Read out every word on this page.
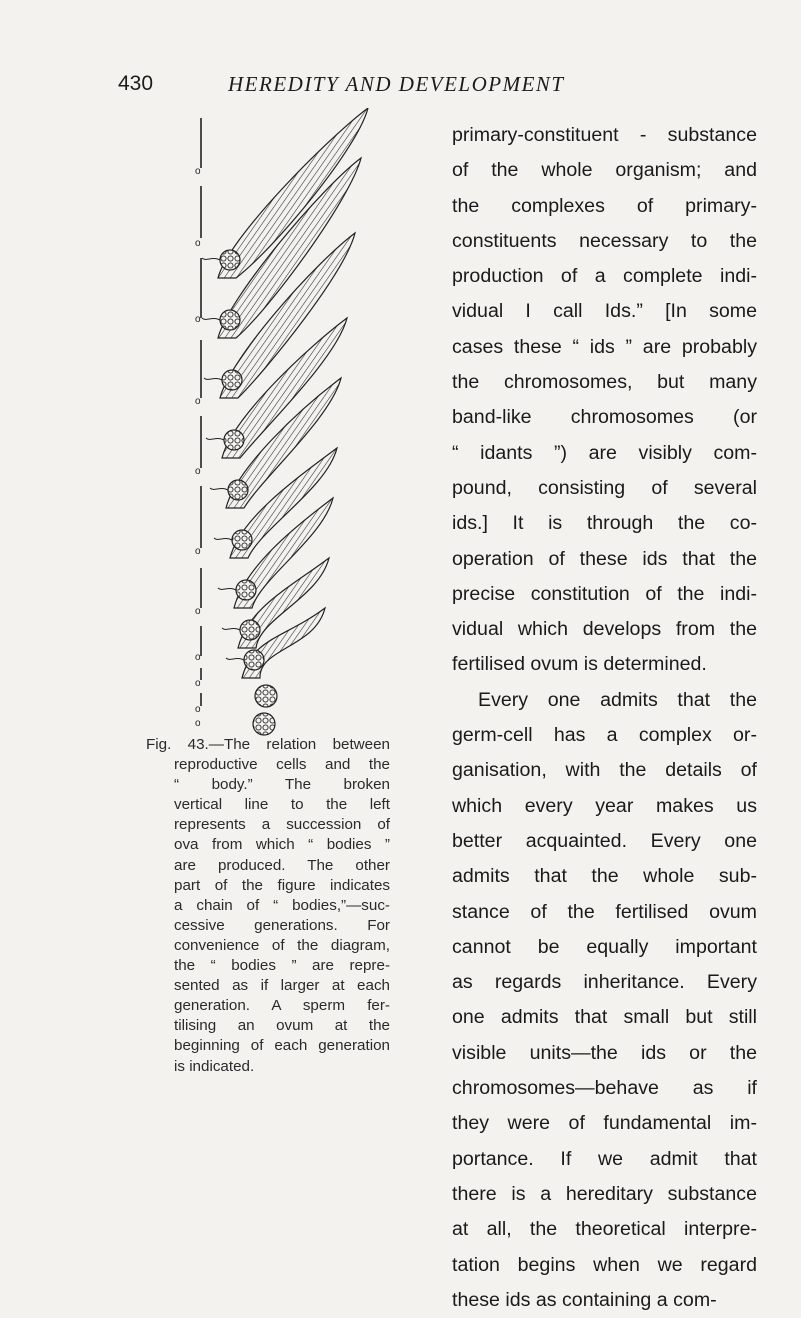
430	HEREDITY AND DEVELOPMENT
o
o
o
o
o
o
o
o
o
o
o
Fig. 43.—The relation between
reproductive cells and the
“ body.” The broken
vertical line to the left
represents a succession of
ova from which “ bodies ”
are produced. The other
part of the figure indicates
a chain of “ bodies,”—suc-
cessive generations. For
convenience of the diagram,
the “ bodies ” are repre-
sented as if larger at each
generation. A sperm fer-
tilising an ovum at the
beginning of each generation
is indicated.
primary-constituent - substance
of the whole organism; and
the complexes of primary-
constituents necessary to the
production of a complete indi-
vidual I call Ids.” [In some
cases these “ ids ” are probably
the chromosomes, but many
band-like chromosomes (or
“ idants ”) are visibly com-
pound, consisting of several
ids.] It is through the co-
operation of these ids that the
precise constitution of the indi-
vidual which develops from the
fertilised ovum is determined.
Every one admits that the
germ-cell has a complex or-
ganisation, with the details of
which every year makes us
better acquainted. Every one
admits that the whole sub-
stance of the fertilised ovum
cannot be equally important
as regards inheritance. Every
one admits that small but still
visible units—the ids or the
chromosomes—behave as if
they were of fundamental im-
portance. If we admit that
there is a hereditary substance
at all, the theoretical interpre-
tation begins when we regard
these ids as containing a com-
